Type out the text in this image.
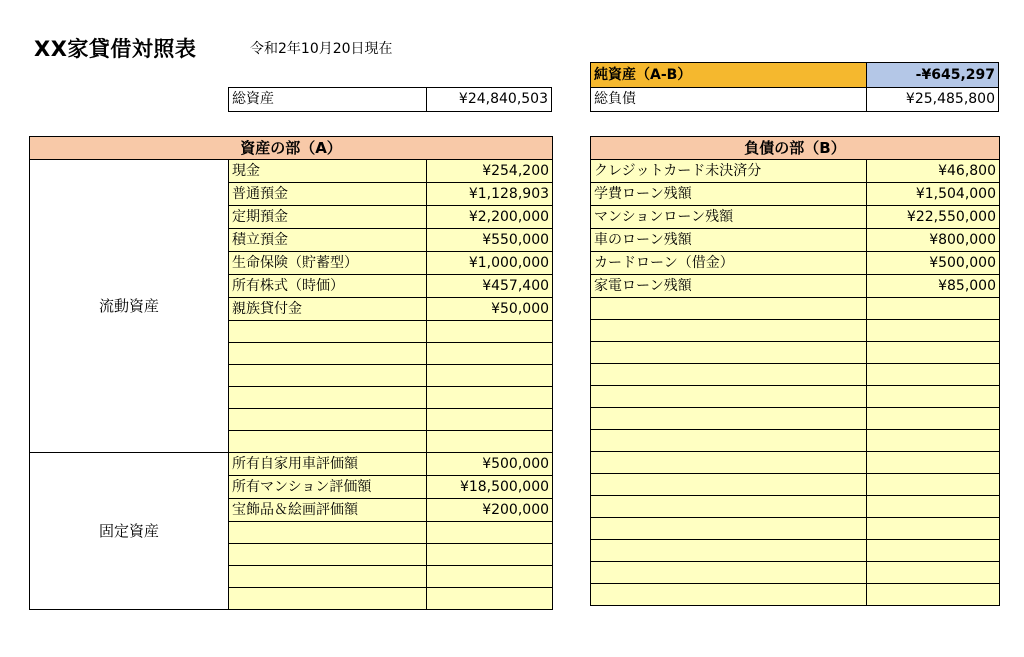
XX家貸借対照表	令和2年10月20日現在
純資産（A-B）	-¥645,297
総資産	¥24,840,503	総負債	¥25,485,800
資産の部（A）		
流動資産	現金	¥254,200
	普通預金	¥1,128,903
	定期預金	¥2,200,000
	積立預金	¥550,000
	生命保険（貯蓄型）	¥1,000,000
	所有株式（時価）	¥457,400
	親族貸付金	¥50,000

固定資産	所有自家用車評価額	¥500,000
	所有マンション評価額	¥18,500,000
	宝飾品＆絵画評価額	¥200,000

負債の部（B）	
クレジットカード未決済分	¥46,800
学費ローン残額	¥1,504,000
マンションローン残額	¥22,550,000
車のローン残額	¥800,000
カードローン（借金）	¥500,000
家電ローン残額	¥85,000
